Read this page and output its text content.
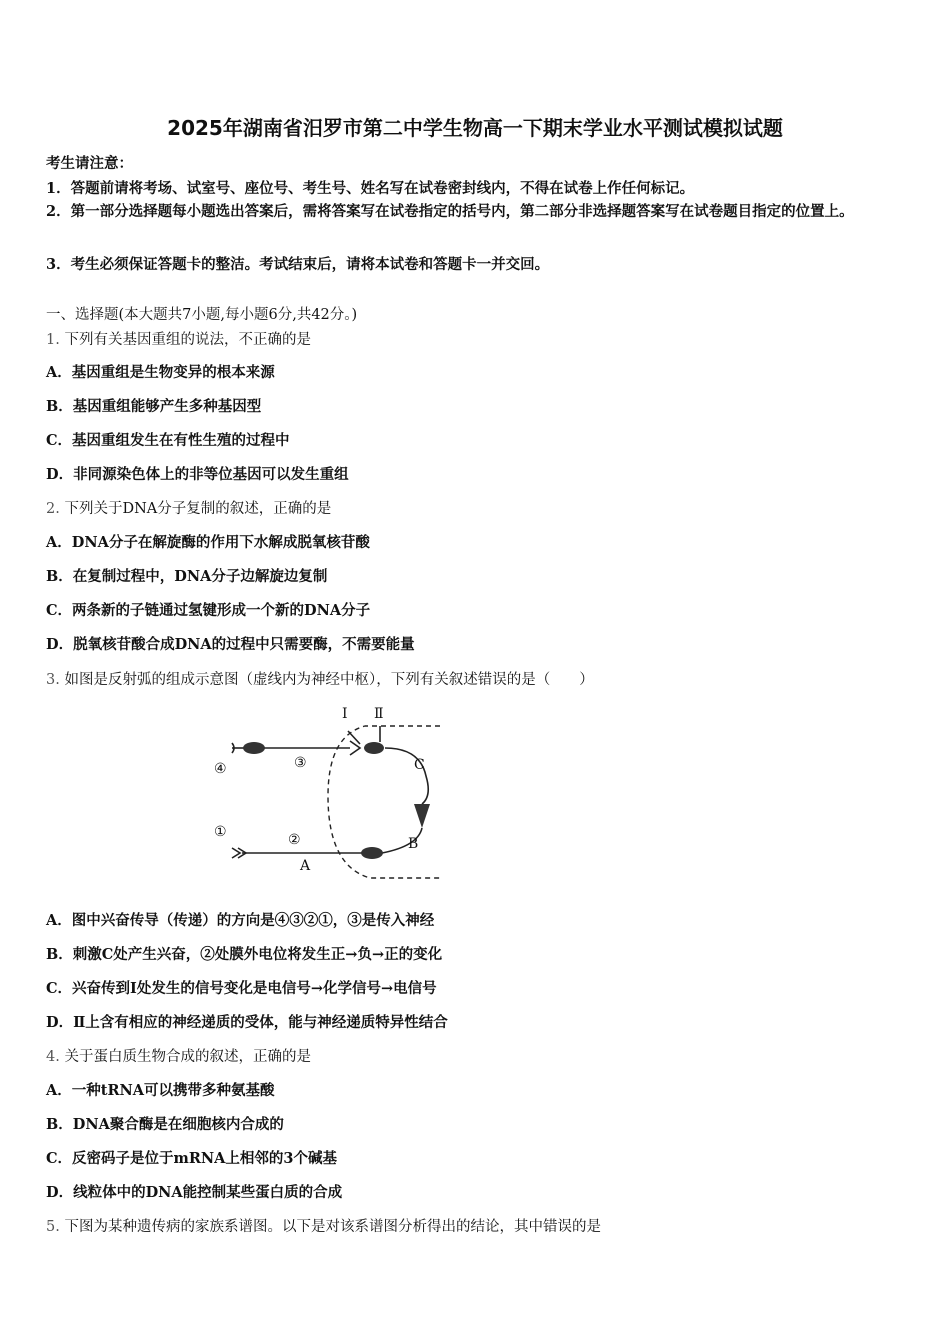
2025年湖南省汨罗市第二中学生物高一下期末学业水平测试模拟试题
考生请注意：
1．答题前请将考场、试室号、座位号、考生号、姓名写在试卷密封线内，不得在试卷上作任何标记。
2．第一部分选择题每小题选出答案后，需将答案写在试卷指定的括号内，第二部分非选择题答案写在试卷题目指定的位置上。
3．考生必须保证答题卡的整洁。考试结束后，请将本试卷和答题卡一并交回。
一、选择题(本大题共7小题,每小题6分,共42分。)
1. 下列有关基因重组的说法，不正确的是
A．基因重组是生物变异的根本来源
B．基因重组能够产生多种基因型
C．基因重组发生在有性生殖的过程中
D．非同源染色体上的非等位基因可以发生重组
2. 下列关于DNA分子复制的叙述，正确的是
A．DNA分子在解旋酶的作用下水解成脱氧核苷酸
B．在复制过程中，DNA分子边解旋边复制
C．两条新的子链通过氢键形成一个新的DNA分子
D．脱氧核苷酸合成DNA的过程中只需要酶，不需要能量
3. 如图是反射弧的组成示意图（虚线内为神经中枢），下列有关叙述错误的是（　　）
Ⅰ Ⅱ
C
B
A
④	③
①	②
A．图中兴奋传导（传递）的方向是④③②①，③是传入神经
B．刺激C处产生兴奋，②处膜外电位将发生正→负→正的变化
C．兴奋传到Ⅰ处发生的信号变化是电信号→化学信号→电信号
D．Ⅱ上含有相应的神经递质的受体，能与神经递质特异性结合
4. 关于蛋白质生物合成的叙述，正确的是
A．一种tRNA可以携带多种氨基酸
B．DNA聚合酶是在细胞核内合成的
C．反密码子是位于mRNA上相邻的3个碱基
D．线粒体中的DNA能控制某些蛋白质的合成
5. 下图为某种遗传病的家族系谱图。以下是对该系谱图分析得出的结论，其中错误的是
